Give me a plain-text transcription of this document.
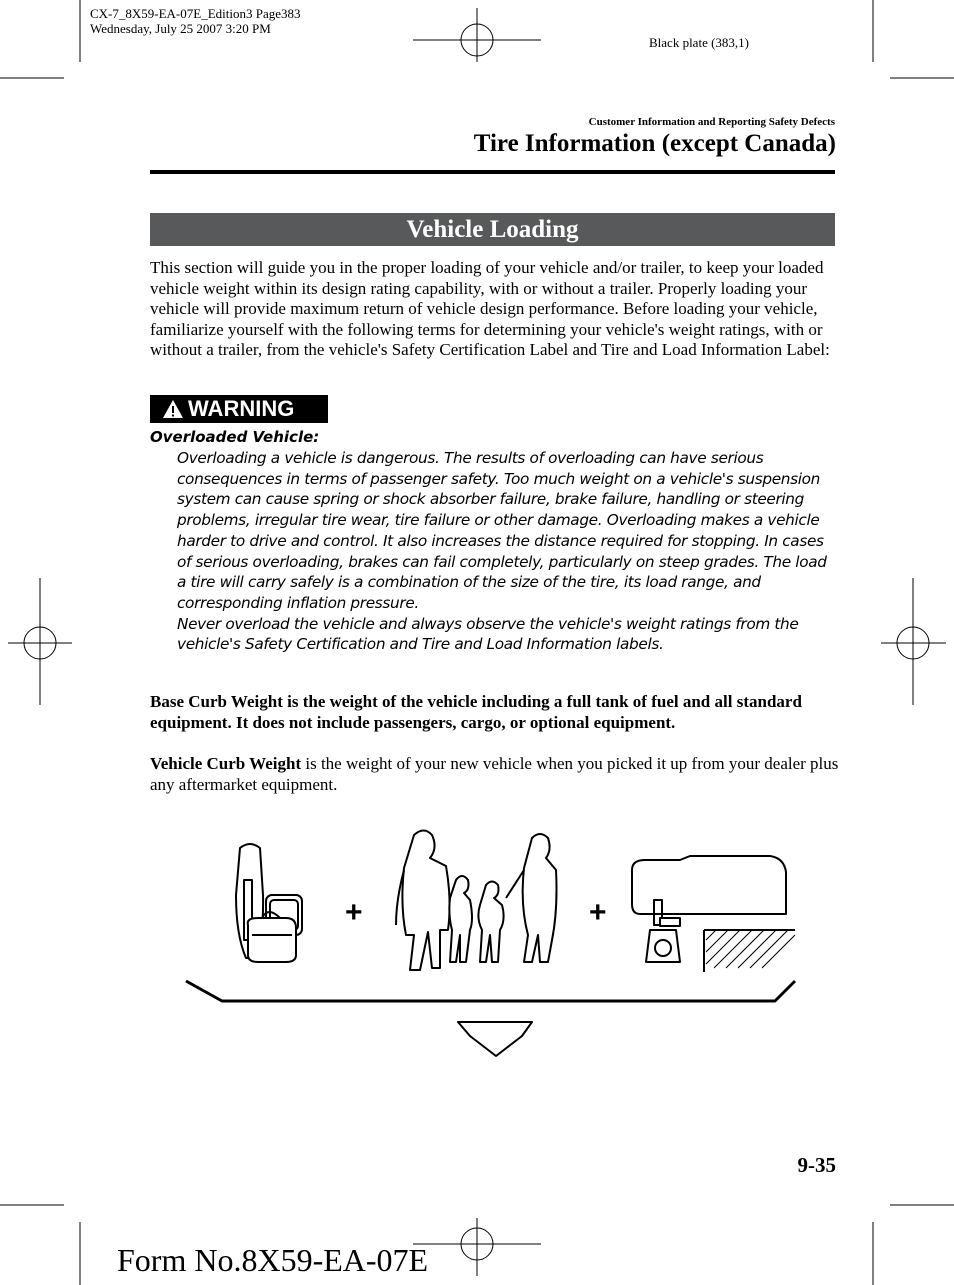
CX-7_8X59-EA-07E_Edition3 Page383
Wednesday, July 25 2007 3:20 PM
Black plate (383,1)
Customer Information and Reporting Safety Defects
Tire Information (except Canada)
Vehicle Loading
This section will guide you in the proper loading of your vehicle and/or trailer, to keep your loaded vehicle weight within its design rating capability, with or without a trailer. Properly loading your vehicle will provide maximum return of vehicle design performance. Before loading your vehicle, familiarize yourself with the following terms for determining your vehicle's weight ratings, with or without a trailer, from the vehicle's Safety Certification Label and Tire and Load Information Label:
WARNING
Overloaded Vehicle:

Overloading a vehicle is dangerous. The results of overloading can have serious consequences in terms of passenger safety. Too much weight on a vehicle's suspension system can cause spring or shock absorber failure, brake failure, handling or steering problems, irregular tire wear, tire failure or other damage. Overloading makes a vehicle harder to drive and control. It also increases the distance required for stopping. In cases of serious overloading, brakes can fail completely, particularly on steep grades. The load a tire will carry safely is a combination of the size of the tire, its load range, and corresponding inflation pressure.

Never overload the vehicle and always observe the vehicle's weight ratings from the vehicle's Safety Certification and Tire and Load Information labels.

Base Curb Weight is the weight of the vehicle including a full tank of fuel and all standard equipment. It does not include passengers, cargo, or optional equipment.
Vehicle Curb Weight is the weight of your new vehicle when you picked it up from your dealer plus any aftermarket equipment.
+	+
9-35
Form No.8X59-EA-07E
